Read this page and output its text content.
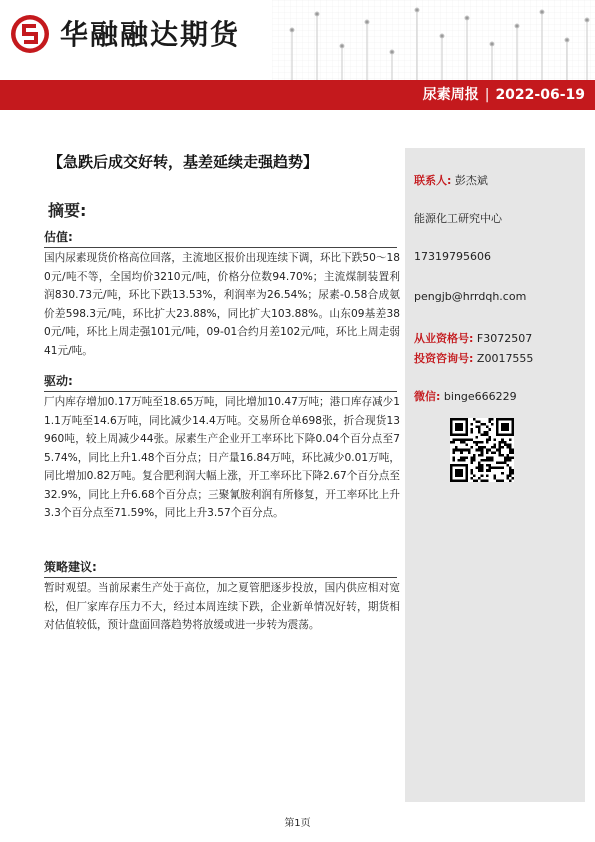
华融融达期货
尿素周报 | 2022-06-19
【急跌后成交好转，基差延续走强趋势】
摘要:
估值:
国内尿素现货价格高位回落，主流地区报价出现连续下调，环比下跌50～180元/吨不等，全国均价3210元/吨，价格分位数94.70%；主流煤制装置利润830.73元/吨，环比下跌13.53%，利润率为26.54%；尿素-0.58合成氨价差598.3元/吨，环比扩大23.88%，同比扩大103.88%。山东09基差380元/吨，环比上周走强101元/吨，09-01合约月差102元/吨，环比上周走弱41元/吨。
驱动:
厂内库存增加0.17万吨至18.65万吨，同比增加10.47万吨；港口库存减少11.1万吨至14.6万吨，同比减少14.4万吨。交易所仓单698张，折合现货13960吨，较上周减少44张。尿素生产企业开工率环比下降0.04个百分点至75.74%，同比上升1.48个百分点；日产量16.84万吨，环比减少0.01万吨，同比增加0.82万吨。复合肥利润大幅上涨，开工率环比下降2.67个百分点至32.9%，同比上升6.68个百分点；三聚氰胺利润有所修复，开工率环比上升3.3个百分点至71.59%，同比上升3.57个百分点。
策略建议:
暂时观望。当前尿素生产处于高位，加之夏管肥逐步投放，国内供应相对宽松，但厂家库存压力不大，经过本周连续下跌，企业新单情况好转，期货相对估值较低，预计盘面回落趋势将放缓或进一步转为震荡。
联系人: 彭杰斌
能源化工研究中心
17319795606
pengjb@hrrdqh.com
从业资格号: F3072507
投资咨询号: Z0017555
微信: binge666229
第1页
